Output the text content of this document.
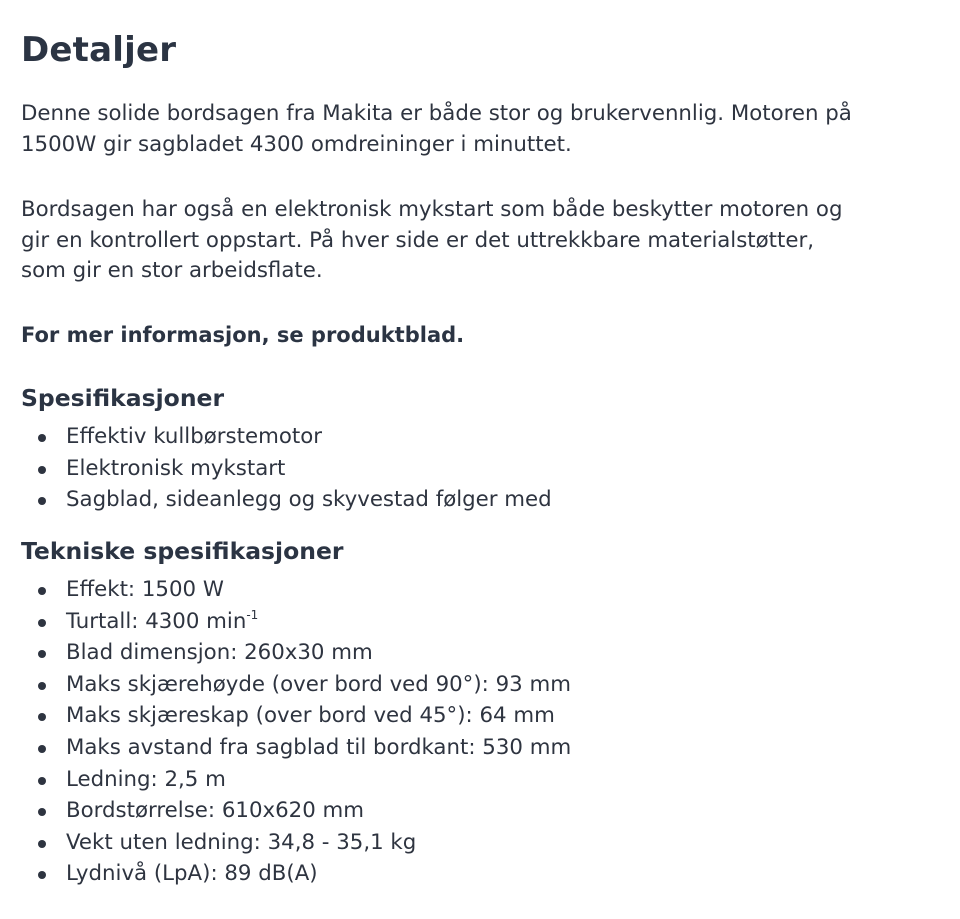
Detaljer

Denne solide bordsagen fra Makita er både stor og brukervennlig. Motoren på
1500W gir sagbladet 4300 omdreininger i minuttet.

Bordsagen har også en elektronisk mykstart som både beskytter motoren og
gir en kontrollert oppstart. På hver side er det uttrekkbare materialstøtter,
som gir en stor arbeidsflate.

For mer informasjon, se produktblad.

Spesifikasjoner
Effektiv kullbørstemotor
Elektronisk mykstart
Sagblad, sideanlegg og skyvestad følger med
Tekniske spesifikasjoner
Effekt: 1500 W
Turtall: 4300 $\min^{-1}$
Blad dimensjon: 260x30 mm
Maks skjærehøyde (over bord ved 90°): 93 mm
Maks skjæreskap (over bord ved 45°): 64 mm
Maks avstand fra sagblad til bordkant: 530 mm
Ledning: 2,5 m
Bordstørrelse: 610x620 mm
Vekt uten ledning: 34,8 - 35,1 kg
Lydnivå (LpA): 89 dB(A)
